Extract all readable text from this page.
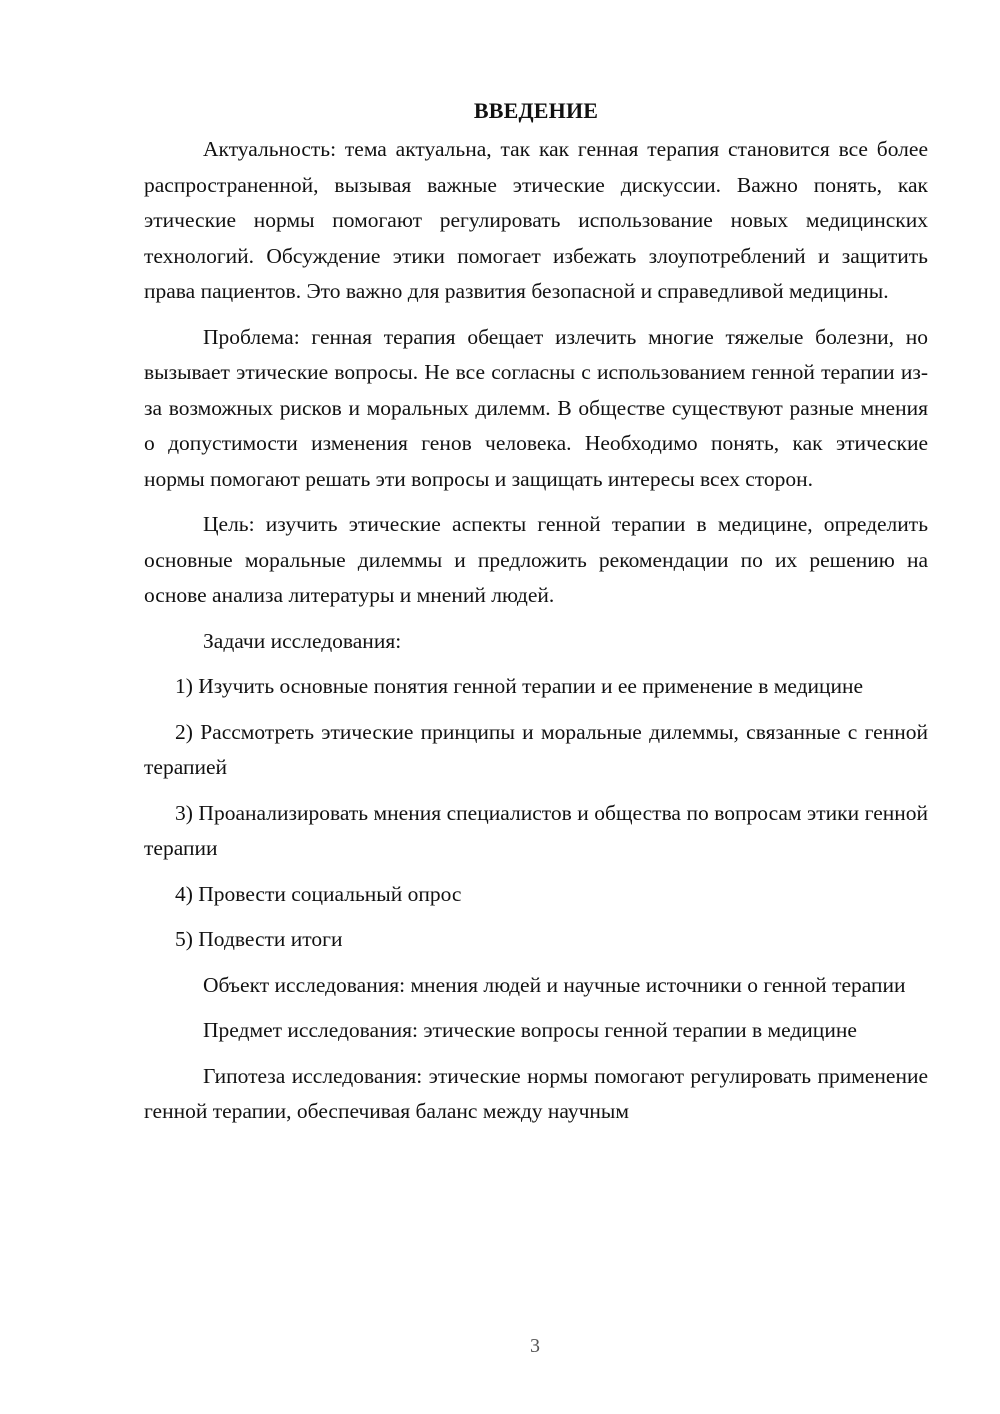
ВВЕДЕНИЕ

Актуальность: тема актуальна, так как генная терапия становится все более распространенной, вызывая важные этические дискуссии. Важно понять, как этические нормы помогают регулировать использование новых медицинских технологий. Обсуждение этики помогает избежать злоупотреблений и защитить права пациентов. Это важно для развития безопасной и справедливой медицины.

Проблема: генная терапия обещает излечить многие тяжелые болезни, но вызывает этические вопросы. Не все согласны с использованием генной терапии из-за возможных рисков и моральных дилемм. В обществе существуют разные мнения о допустимости изменения генов человека. Необходимо понять, как этические нормы помогают решать эти вопросы и защищать интересы всех сторон.

Цель: изучить этические аспекты генной терапии в медицине, определить основные моральные дилеммы и предложить рекомендации по их решению на основе анализа литературы и мнений людей.

Задачи исследования:

1) Изучить основные понятия генной терапии и ее применение в медицине

2) Рассмотреть этические принципы и моральные дилеммы, связанные с генной терапией

3) Проанализировать мнения специалистов и общества по вопросам этики генной терапии

4) Провести социальный опрос

5) Подвести итоги

Объект исследования: мнения людей и научные источники о генной терапии

Предмет исследования: этические вопросы генной терапии в медицине

Гипотеза исследования: этические нормы помогают регулировать применение генной терапии, обеспечивая баланс между научным

3
